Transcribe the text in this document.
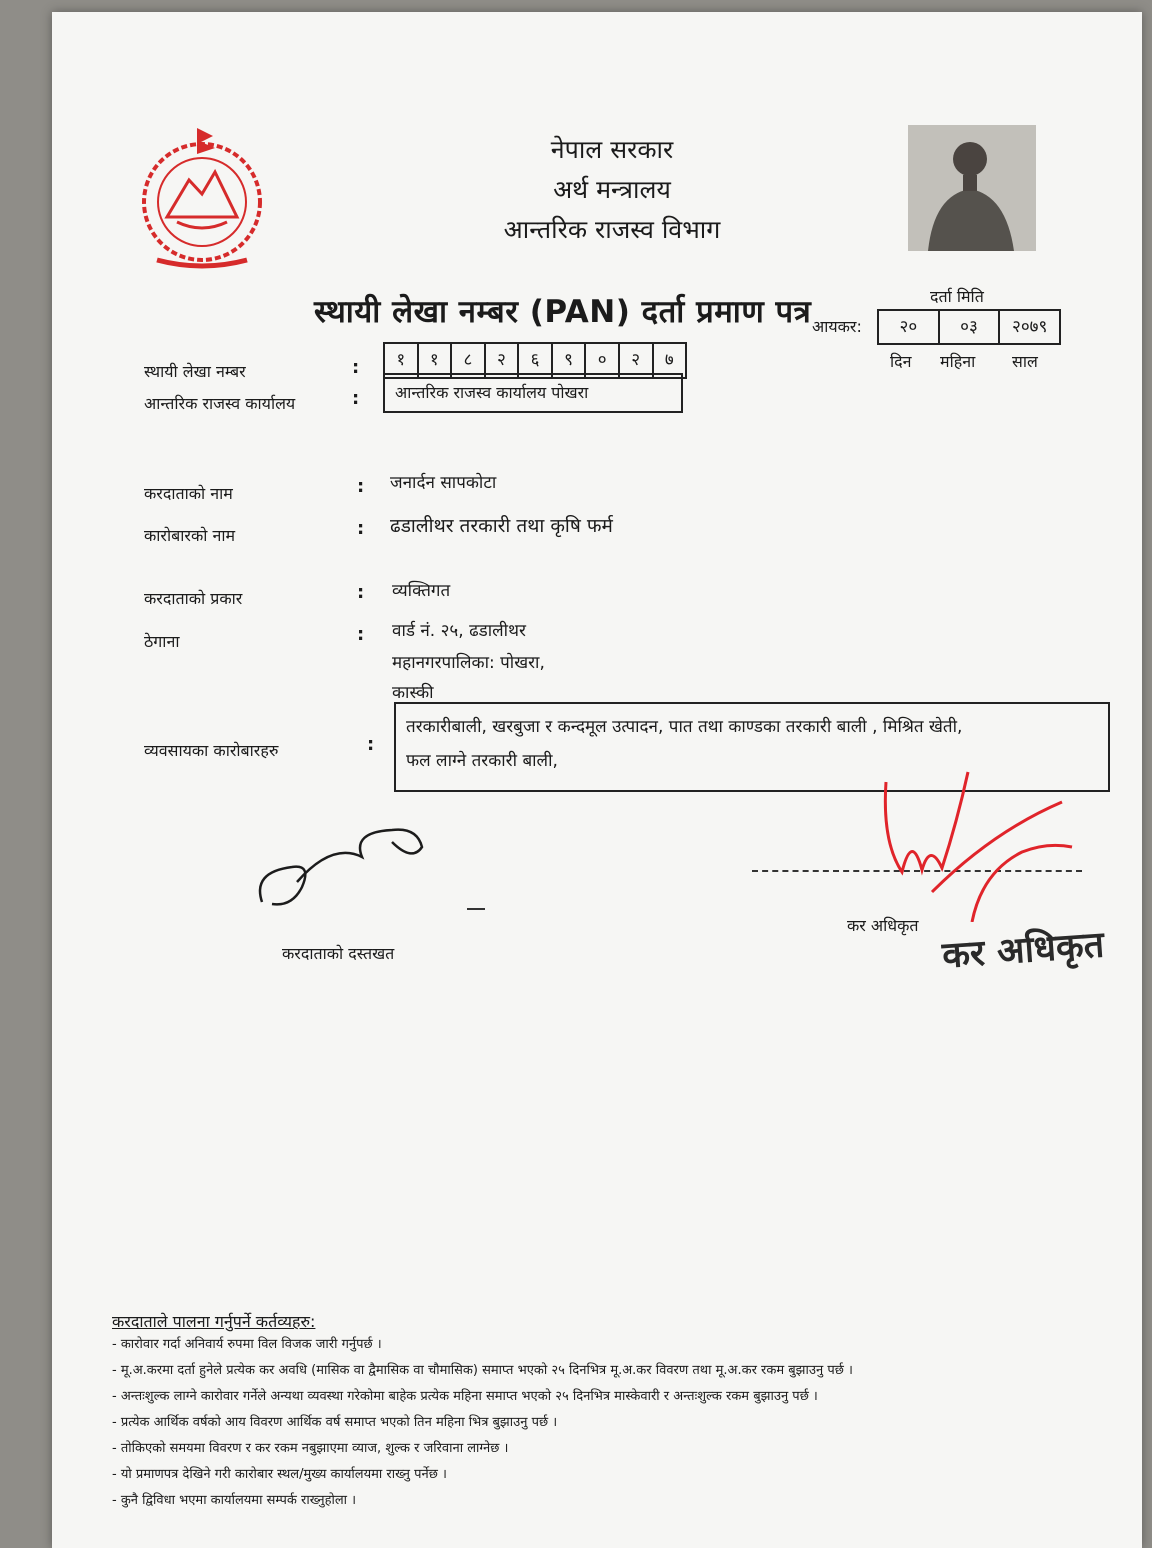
नेपाल सरकार
अर्थ मन्त्रालय
आन्तरिक राजस्व विभाग
स्थायी लेखा नम्बर (PAN) दर्ता प्रमाण पत्र	दर्ता मिति
आयकर:	२०	०३	२०७९
दिन महिना साल
स्थायी लेखा नम्बर	:	१	१	८	२	६	९	०	२	७
आन्तरिक राजस्व कार्यालय	:	आन्तरिक राजस्व कार्यालय पोखरा
करदाताको नाम	: जनार्दन सापकोटा
कारोबारको नाम	: ढडालीथर तरकारी तथा कृषि फर्म
करदाताको प्रकार	: व्यक्तिगत
ठेगाना	: वार्ड नं. २५, ढडालीथर
महानगरपालिका: पोखरा,
कास्की
व्यवसायका कारोबारहरु	:
तरकारीबाली, खरबुजा र कन्दमूल उत्पादन, पात तथा काण्डका तरकारी बाली , मिश्रित खेती,
फल लाग्ने तरकारी बाली,
करदाताको दस्तखत
कर अधिकृत कर अधिकृत
करदाताले पालना गर्नुपर्ने कर्तव्यहरु:
- कारोवार गर्दा अनिवार्य रुपमा विल विजक जारी गर्नुपर्छ ।
- मू.अ.करमा दर्ता हुनेले प्रत्येक कर अवधि (मासिक वा द्वैमासिक वा चौमासिक) समाप्त भएको २५ दिनभित्र मू.अ.कर विवरण तथा मू.अ.कर रकम बुझाउनु पर्छ ।
- अन्तःशुल्क लाग्ने कारोवार गर्नेले अन्यथा व्यवस्था गरेकोमा बाहेक प्रत्येक महिना समाप्त भएको २५ दिनभित्र मास्केवारी र अन्तःशुल्क रकम बुझाउनु पर्छ ।
- प्रत्येक आर्थिक वर्षको आय विवरण आर्थिक वर्ष समाप्त भएको तिन महिना भित्र बुझाउनु पर्छ ।
- तोकिएको समयमा विवरण र कर रकम नबुझाएमा व्याज, शुल्क र जरिवाना लाग्नेछ ।
- यो प्रमाणपत्र देखिने गरी कारोबार स्थल/मुख्य कार्यालयमा राख्नु पर्नेछ ।
- कुनै द्विविधा भएमा कार्यालयमा सम्पर्क राख्नुहोला ।
